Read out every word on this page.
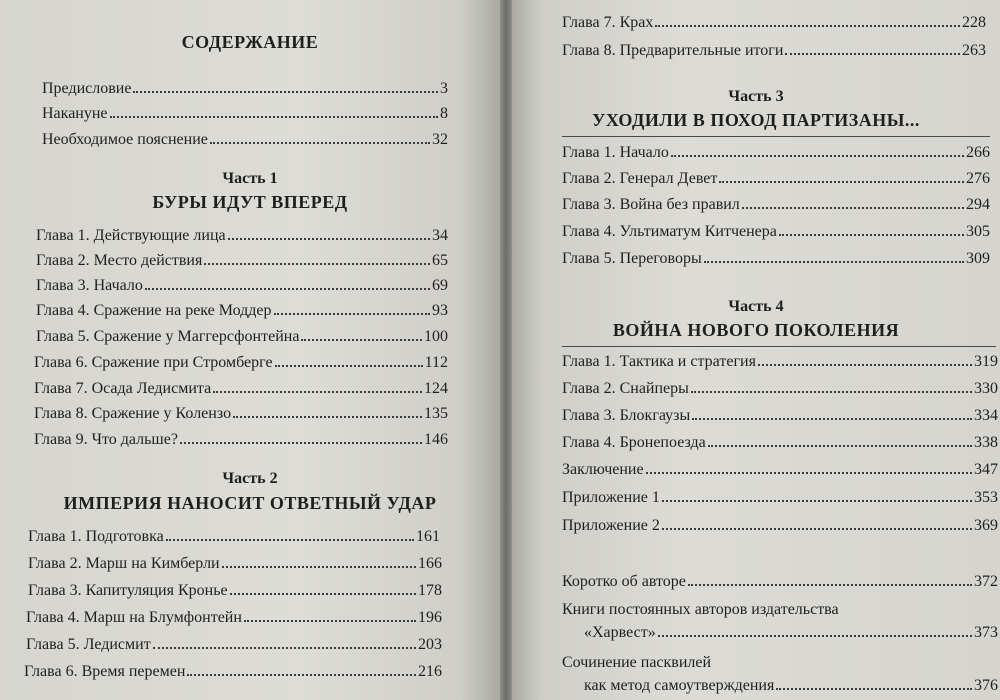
СОДЕРЖАНИЕ
Предисловие	3
Накануне	8
Необходимое пояснение	32
Часть 1
БУРЫ ИДУТ ВПЕРЕД
Глава 1. Действующие лица	34
Глава 2. Место действия	65
Глава 3. Начало	69
Глава 4. Сражение на реке Моддер	93
Глава 5. Сражение у Маггерсфонтейна	100
Глава 6. Сражение при Стромберге	112
Глава 7. Осада Ледисмита	124
Глава 8. Сражение у Колензо	135
Глава 9. Что дальше?	146
Часть 2
ИМПЕРИЯ НАНОСИТ ОТВЕТНЫЙ УДАР
Глава 1. Подготовка	161
Глава 2. Марш на Кимберли	166
Глава 3. Капитуляция Кронье	178
Глава 4. Марш на Блумфонтейн	196
Глава 5. Ледисмит	203
Глава 6. Время перемен	216
Глава 7. Крах	228
Глава 8. Предварительные итоги	263
Часть 3
УХОДИЛИ В ПОХОД ПАРТИЗАНЫ...
Глава 1. Начало	266
Глава 2. Генерал Девет	276
Глава 3. Война без правил	294
Глава 4. Ультиматум Китченера	305
Глава 5. Переговоры	309
Часть 4
ВОЙНА НОВОГО ПОКОЛЕНИЯ
Глава 1. Тактика и стратегия	319
Глава 2. Снайперы	330
Глава 3. Блокгаузы	334
Глава 4. Бронепоезда	338
Заключение	347
Приложение 1	353
Приложение 2	369
Коротко об авторе	372
Книги постоянных авторов издательства
«Харвест»	373
Сочинение пасквилей
как метод самоутверждения	376
